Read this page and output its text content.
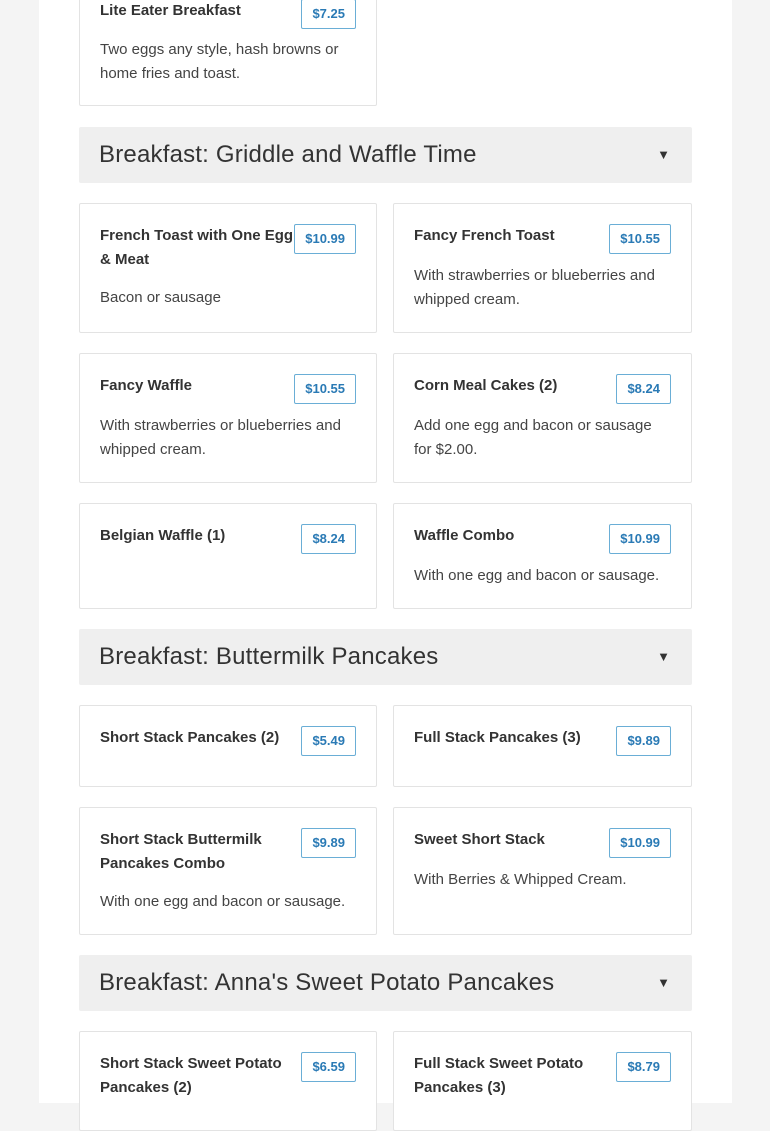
Lite Eater Breakfast	$7.25
Two eggs any style, hash browns or home fries and toast.
Breakfast: Griddle and Waffle Time	▼
French Toast with One Egg & Meat
$10.99
Bacon or sausage
Fancy French Toast	$10.55
With strawberries or blueberries and whipped cream.
Fancy Waffle	$10.55
With strawberries or blueberries and whipped cream.
Corn Meal Cakes (2)	$8.24
Add one egg and bacon or sausage for $2.00.
Belgian Waffle (1)	$8.24	Waffle Combo	$10.99
With one egg and bacon or sausage.
Breakfast: Buttermilk Pancakes	▼
Short Stack Pancakes (2)	$5.49	Full Stack Pancakes (3)	$9.89
Short Stack Buttermilk Pancakes Combo
$9.89
With one egg and bacon or sausage.
Sweet Short Stack	$10.99
With Berries & Whipped Cream.
Breakfast: Anna's Sweet Potato Pancakes	▼
Short Stack Sweet Potato Pancakes (2)
$6.59	Full Stack Sweet Potato Pancakes (3)
$8.79
